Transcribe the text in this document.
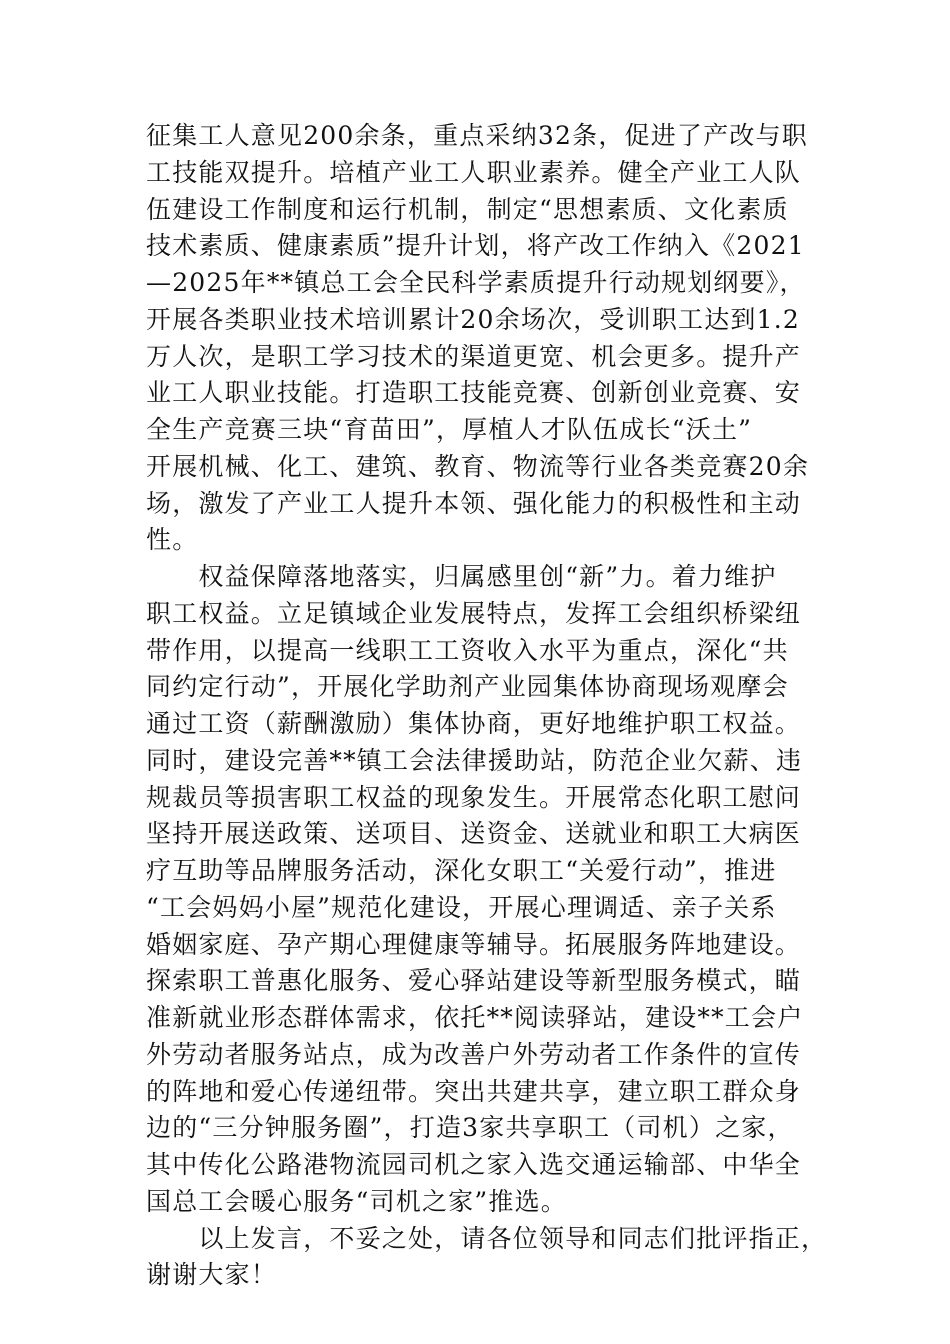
征集工人意见200余条，重点采纳32条，促进了产改与职
工技能双提升。培植产业工人职业素养。健全产业工人队
伍建设工作制度和运行机制，制定“思想素质、文化素质
技术素质、健康素质”提升计划，将产改工作纳入《2021
—2025年**镇总工会全民科学素质提升行动规划纲要》，
开展各类职业技术培训累计20余场次，受训职工达到1.2
万人次，是职工学习技术的渠道更宽、机会更多。提升产
业工人职业技能。打造职工技能竞赛、创新创业竞赛、安
全生产竞赛三块“育苗田”，厚植人才队伍成长“沃土”
开展机械、化工、建筑、教育、物流等行业各类竞赛20余
场，激发了产业工人提升本领、强化能力的积极性和主动
性。
　　权益保障落地落实，归属感里创“新”力。着力维护
职工权益。立足镇域企业发展特点，发挥工会组织桥梁纽
带作用，以提高一线职工工资收入水平为重点，深化“共
同约定行动”，开展化学助剂产业园集体协商现场观摩会
通过工资（薪酬激励）集体协商，更好地维护职工权益。
同时，建设完善**镇工会法律援助站，防范企业欠薪、违
规裁员等损害职工权益的现象发生。开展常态化职工慰问
坚持开展送政策、送项目、送资金、送就业和职工大病医
疗互助等品牌服务活动，深化女职工“关爱行动”，推进
“工会妈妈小屋”规范化建设，开展心理调适、亲子关系
婚姻家庭、孕产期心理健康等辅导。拓展服务阵地建设。
探索职工普惠化服务、爱心驿站建设等新型服务模式，瞄
准新就业形态群体需求，依托**阅读驿站，建设**工会户
外劳动者服务站点，成为改善户外劳动者工作条件的宣传
的阵地和爱心传递纽带。突出共建共享，建立职工群众身
边的“三分钟服务圈”，打造3家共享职工（司机）之家，
其中传化公路港物流园司机之家入选交通运输部、中华全
国总工会暖心服务“司机之家”推选。
　　以上发言，不妥之处，请各位领导和同志们批评指正，
谢谢大家！
